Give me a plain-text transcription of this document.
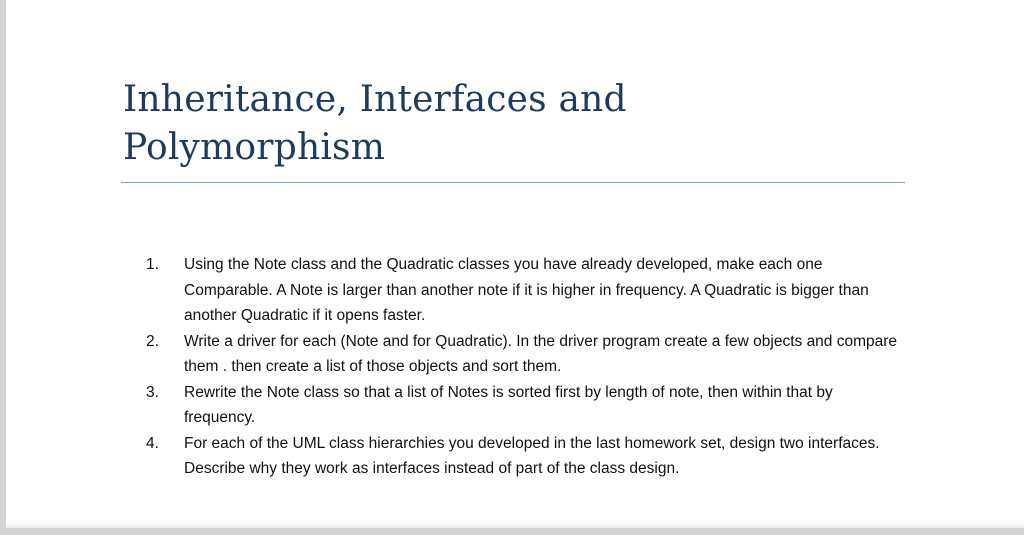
Inheritance, Interfaces and Polymorphism
1.	Using the Note class and the Quadratic classes you have already developed, make each one Comparable. A Note is larger than another note if it is higher in frequency. A Quadratic is bigger than another Quadratic if it opens faster.
2.	Write a driver for each (Note and for Quadratic). In the driver program create a few objects and compare them . then create a list of those objects and sort them.
3.	Rewrite the Note class so that a list of Notes is sorted first by length of note, then within that by frequency.
4.	For each of the UML class hierarchies you developed in the last homework set, design two interfaces. Describe why they work as interfaces instead of part of the class design.
